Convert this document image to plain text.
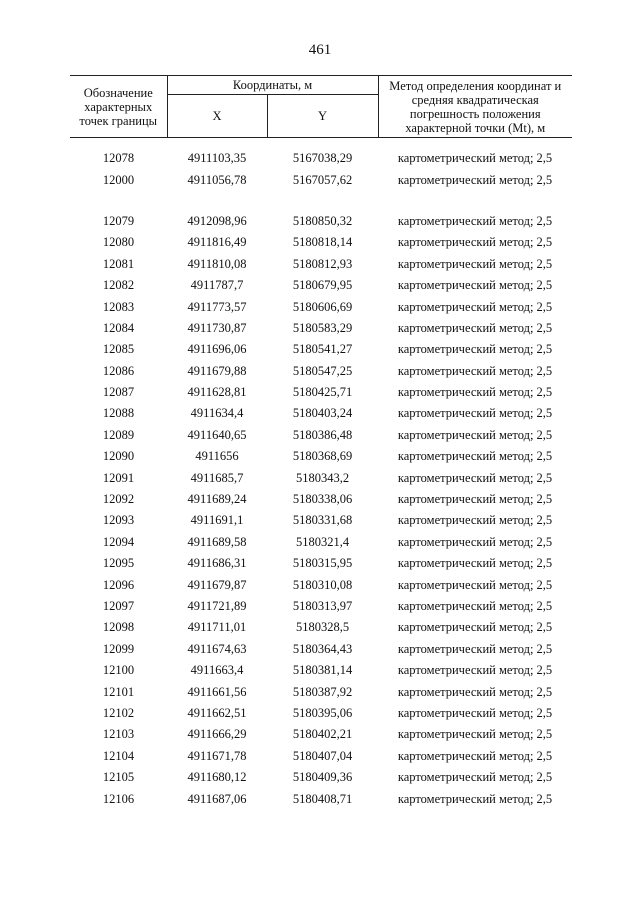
461
Обозначение характерных точек границы	Координаты, м		Метод определения координат и средняя квадратическая погрешность положения характерной точки (Mt), м
	X	Y	

12078	4911103,35	5167038,29	картометрический метод; 2,5
12000	4911056,78	5167057,62	картометрический метод; 2,5

12079	4912098,96	5180850,32	картометрический метод; 2,5
12080	4911816,49	5180818,14	картометрический метод; 2,5
12081	4911810,08	5180812,93	картометрический метод; 2,5
12082	4911787,7	5180679,95	картометрический метод; 2,5
12083	4911773,57	5180606,69	картометрический метод; 2,5
12084	4911730,87	5180583,29	картометрический метод; 2,5
12085	4911696,06	5180541,27	картометрический метод; 2,5
12086	4911679,88	5180547,25	картометрический метод; 2,5
12087	4911628,81	5180425,71	картометрический метод; 2,5
12088	4911634,4	5180403,24	картометрический метод; 2,5
12089	4911640,65	5180386,48	картометрический метод; 2,5
12090	4911656	5180368,69	картометрический метод; 2,5
12091	4911685,7	5180343,2	картометрический метод; 2,5
12092	4911689,24	5180338,06	картометрический метод; 2,5
12093	4911691,1	5180331,68	картометрический метод; 2,5
12094	4911689,58	5180321,4	картометрический метод; 2,5
12095	4911686,31	5180315,95	картометрический метод; 2,5
12096	4911679,87	5180310,08	картометрический метод; 2,5
12097	4911721,89	5180313,97	картометрический метод; 2,5
12098	4911711,01	5180328,5	картометрический метод; 2,5
12099	4911674,63	5180364,43	картометрический метод; 2,5
12100	4911663,4	5180381,14	картометрический метод; 2,5
12101	4911661,56	5180387,92	картометрический метод; 2,5
12102	4911662,51	5180395,06	картометрический метод; 2,5
12103	4911666,29	5180402,21	картометрический метод; 2,5
12104	4911671,78	5180407,04	картометрический метод; 2,5
12105	4911680,12	5180409,36	картометрический метод; 2,5
12106	4911687,06	5180408,71	картометрический метод; 2,5
